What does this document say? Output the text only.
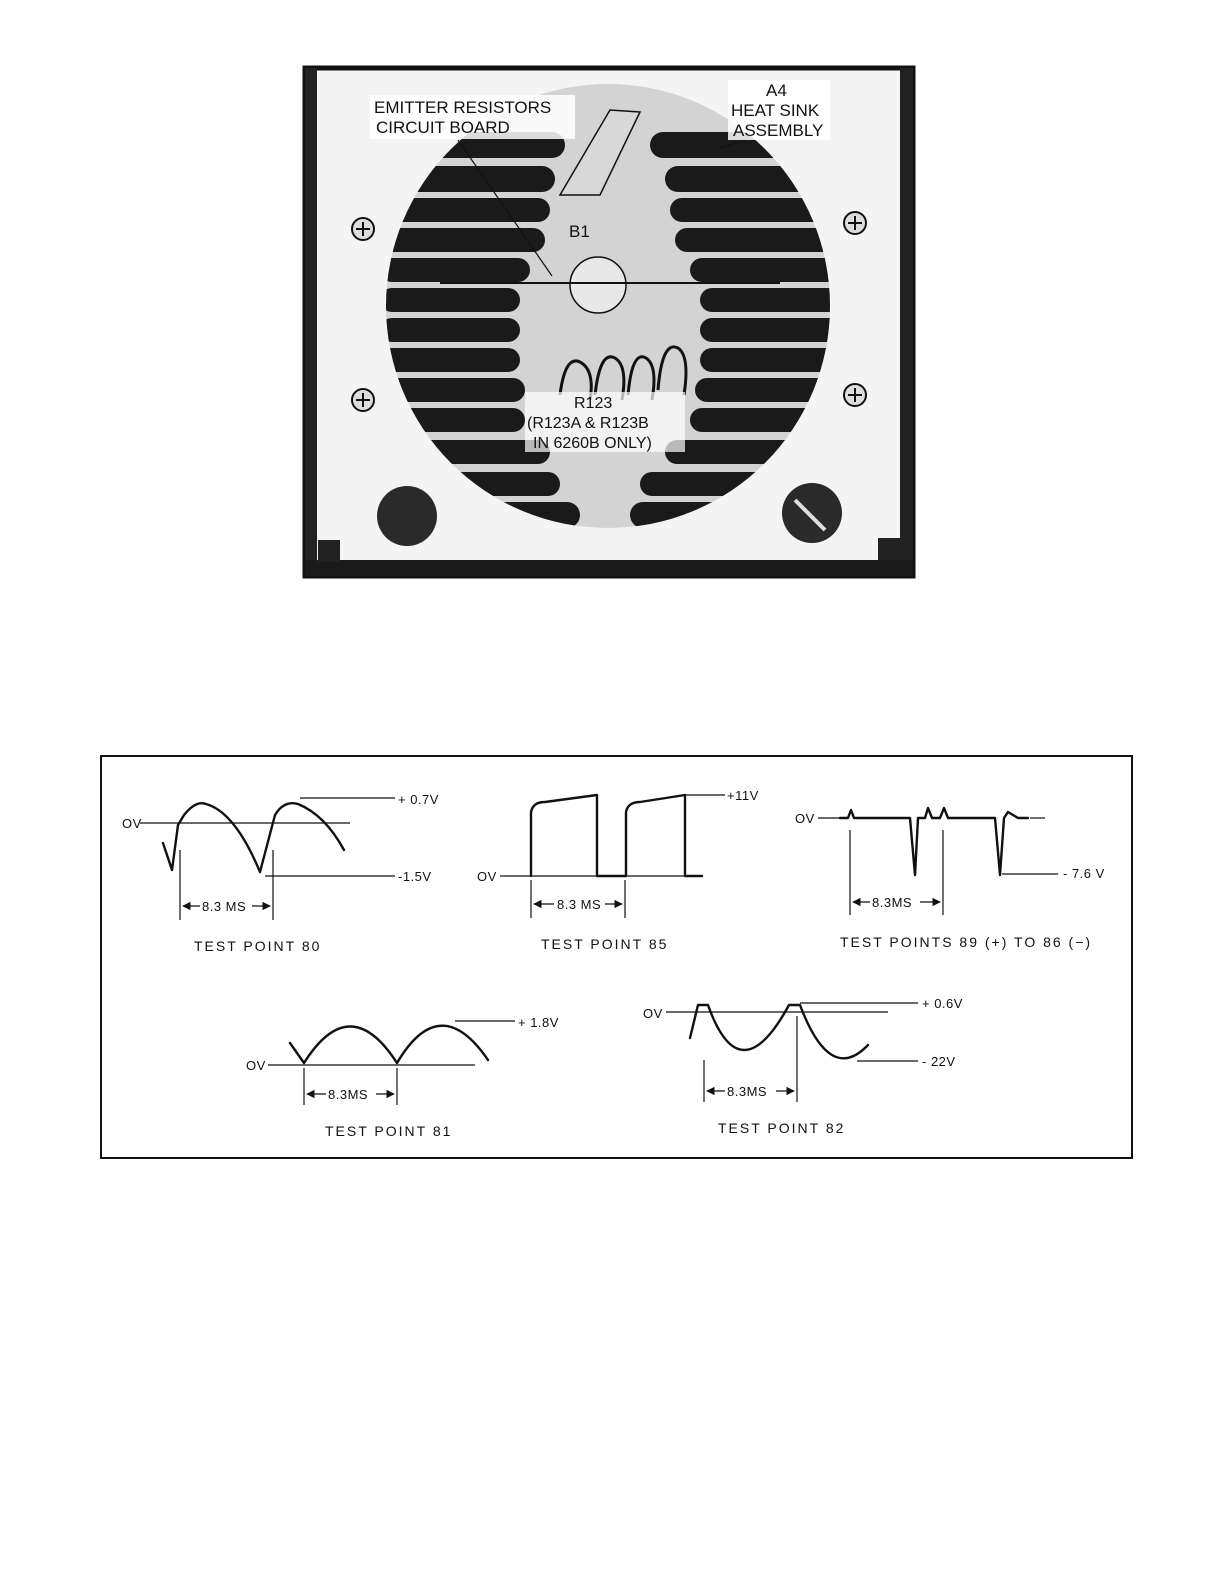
EMITTER RESISTORS
CIRCUIT BOARD
A4
HEAT SINK
ASSEMBLY
B1
R123
(R123A & R123B
IN 6260B ONLY)
OV
+ 0.7V
-1.5V
8.3 MS
TEST POINT 80
OV
+11V
8.3 MS
TEST POINT 85
OV
- 7.6 V
8.3MS
TEST POINTS 89 (+) TO 86 (−)
OV
+ 1.8V
8.3MS
TEST POINT 81
OV
+ 0.6V
- 22V
8.3MS
TEST POINT 82
